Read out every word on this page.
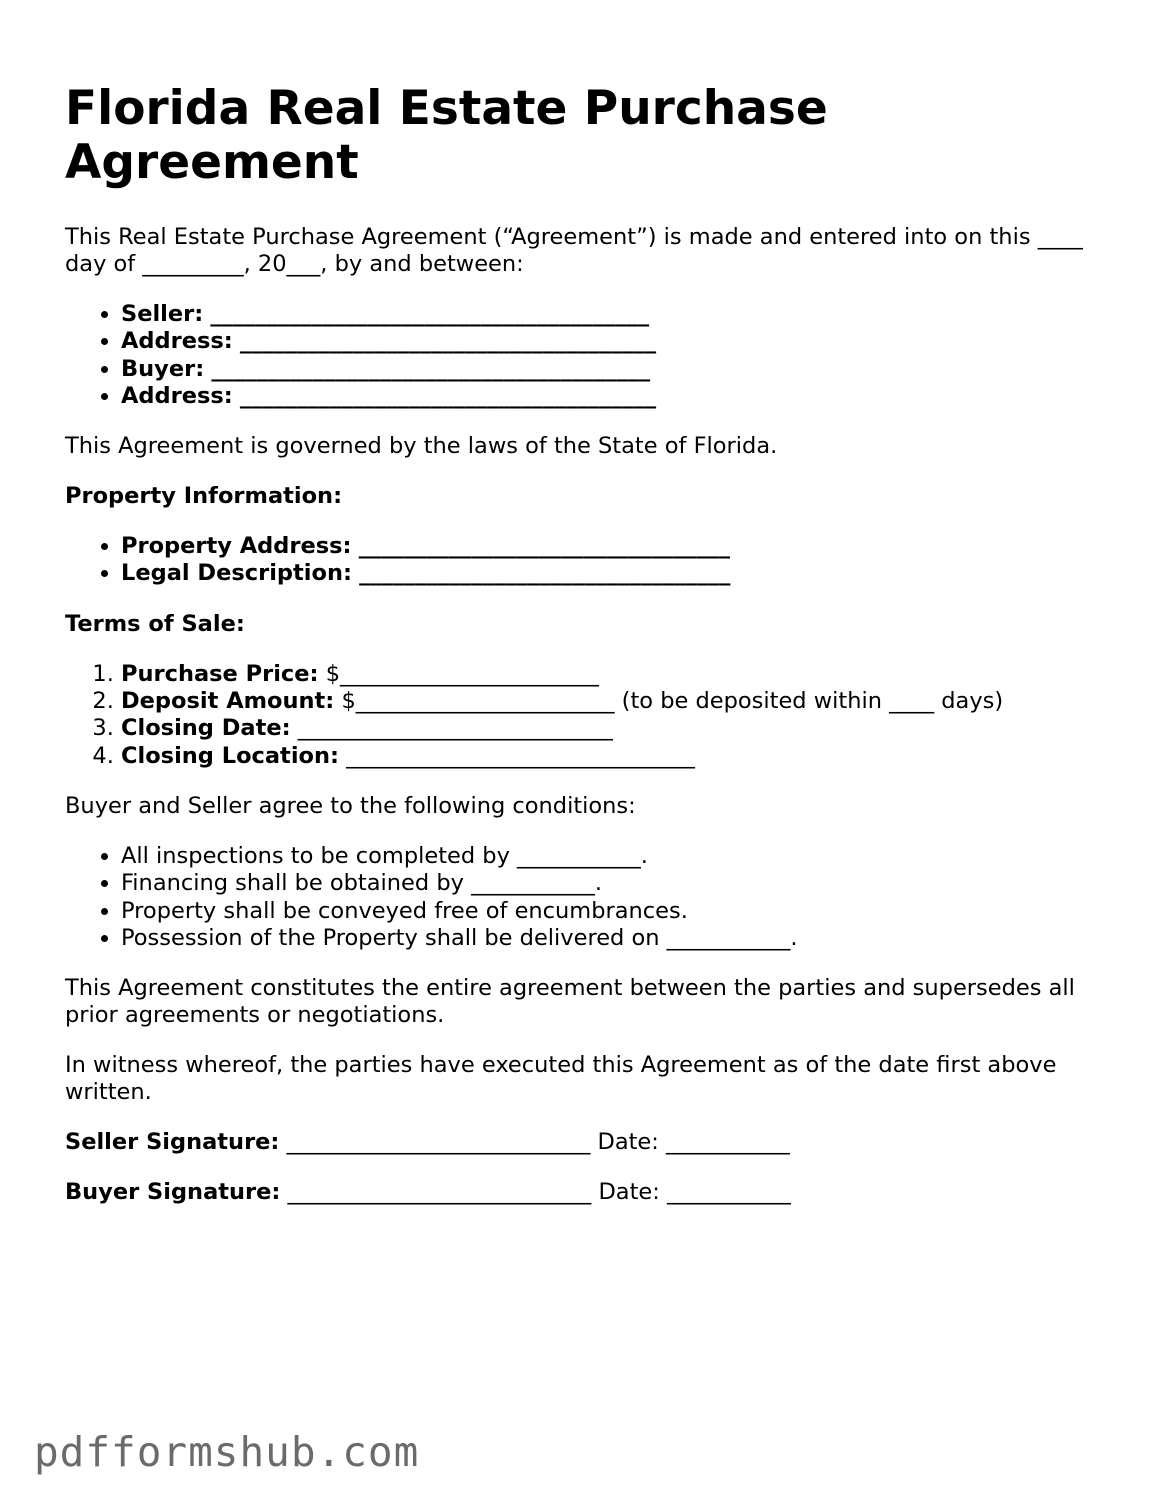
Florida Real Estate Purchase Agreement

This Real Estate Purchase Agreement (“Agreement”) is made and entered into on this ____ day of _________, 20___, by and between:

• Seller: _______________________________________
• Address: _____________________________________
• Buyer: _______________________________________
• Address: _____________________________________

This Agreement is governed by the laws of the State of Florida.

Property Information:

• Property Address: _________________________________
• Legal Description: _________________________________

Terms of Sale:

1. Purchase Price: $_______________________
2. Deposit Amount: $_______________________ (to be deposited within ____ days)
3. Closing Date: ____________________________
4. Closing Location: _______________________________

Buyer and Seller agree to the following conditions:

• All inspections to be completed by ___________.
• Financing shall be obtained by ___________.
• Property shall be conveyed free of encumbrances.
• Possession of the Property shall be delivered on ___________.

This Agreement constitutes the entire agreement between the parties and supersedes all prior agreements or negotiations.

In witness whereof, the parties have executed this Agreement as of the date first above written.

Seller Signature: ___________________________ Date: ___________

Buyer Signature: ___________________________ Date: ___________

pdfformshub.com
